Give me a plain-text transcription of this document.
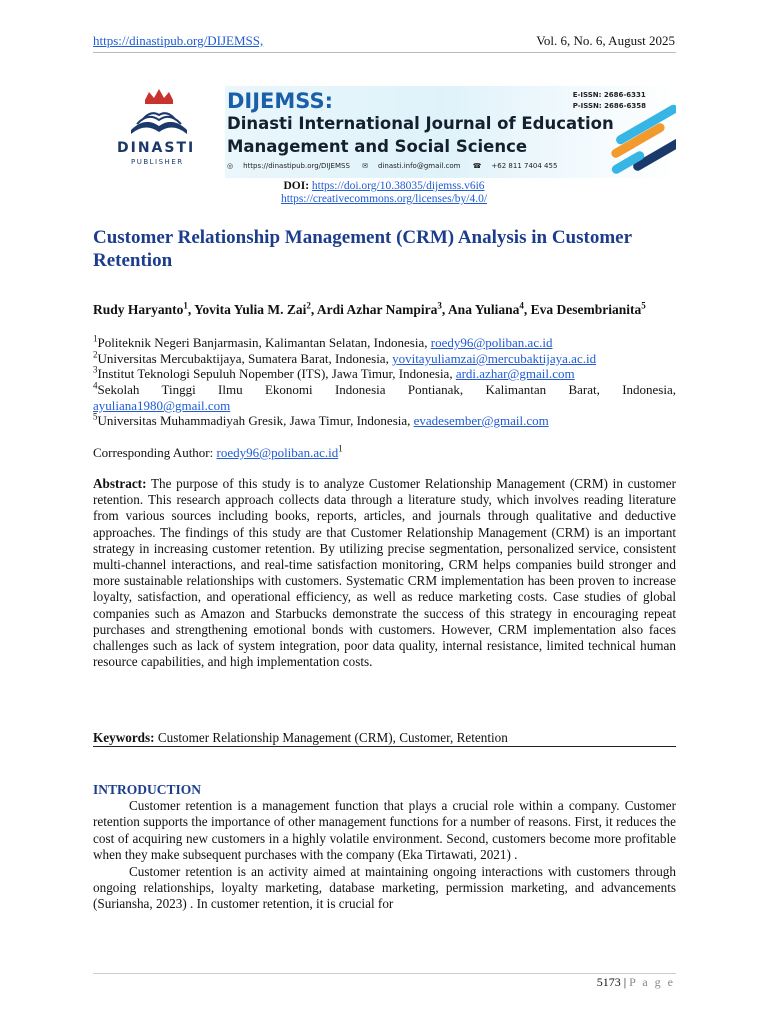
https://dinastipub.org/DIJEMSS,	Vol. 6, No. 6, August 2025
DINASTI
PUBLISHER
DIJEMSS:
Dinasti International Journal of Education
Management and Social Science
◎ https://dinastipub.org/DIJEMSS ✉ dinasti.info@gmail.com ☎ +62 811 7404 455
E-ISSN: 2686-6331
P-ISSN: 2686-6358
DOI: https://doi.org/10.38035/dijemss.v6i6
https://creativecommons.org/licenses/by/4.0/
Customer Relationship Management (CRM) Analysis in Customer Retention
Rudy Haryanto$^1$, Yovita Yulia M. Zai$^2$, Ardi Azhar Nampira$^3$, Ana Yuliana$^4$, Eva Desembrianita$^5$
$^1$Politeknik Negeri Banjarmasin, Kalimantan Selatan, Indonesia, roedy96@poliban.ac.id
$^2$Universitas Mercubaktijaya, Sumatera Barat, Indonesia, yovitayuliamzai@mercubaktijaya.ac.id
$^3$Institut Teknologi Sepuluh Nopember (ITS), Jawa Timur, Indonesia, ardi.azhar@gmail.com
$^4$Sekolah Tinggi Ilmu Ekonomi Indonesia Pontianak, Kalimantan Barat, Indonesia,
ayuliana1980@gmail.com
$^5$Universitas Muhammadiyah Gresik, Jawa Timur, Indonesia, evadesember@gmail.com
Corresponding Author: $roedy96@poliban.ac.id^1$
Abstract: The purpose of this study is to analyze Customer Relationship Management (CRM) in customer retention. This research approach collects data through a literature study, which involves reading literature from various sources including books, reports, articles, and journals through qualitative and deductive approaches. The findings of this study are that Customer Relationship Management (CRM) is an important strategy in increasing customer retention. By utilizing precise segmentation, personalized service, consistent multi-channel interactions, and real-time satisfaction monitoring, CRM helps companies build stronger and more sustainable relationships with customers. Systematic CRM implementation has been proven to increase loyalty, satisfaction, and operational efficiency, as well as reduce marketing costs. Case studies of global companies such as Amazon and Starbucks demonstrate the success of this strategy in encouraging repeat purchases and strengthening emotional bonds with customers. However, CRM implementation also faces challenges such as lack of system integration, poor data quality, internal resistance, limited technical human resource capabilities, and high implementation costs.
Keywords: Customer Relationship Management (CRM), Customer, Retention
INTRODUCTION

Customer retention is a management function that plays a crucial role within a company. Customer retention supports the importance of other management functions for a number of reasons. First, it reduces the cost of acquiring new customers in a highly volatile environment. Second, customers become more profitable when they make subsequent purchases with the company (Eka Tirtawati, 2021) .

Customer retention is an activity aimed at maintaining ongoing interactions with customers through ongoing relationships, loyalty marketing, database marketing, permission marketing, and advancements (Suriansha, 2023) . In customer retention, it is crucial for

5173 | P a g e
